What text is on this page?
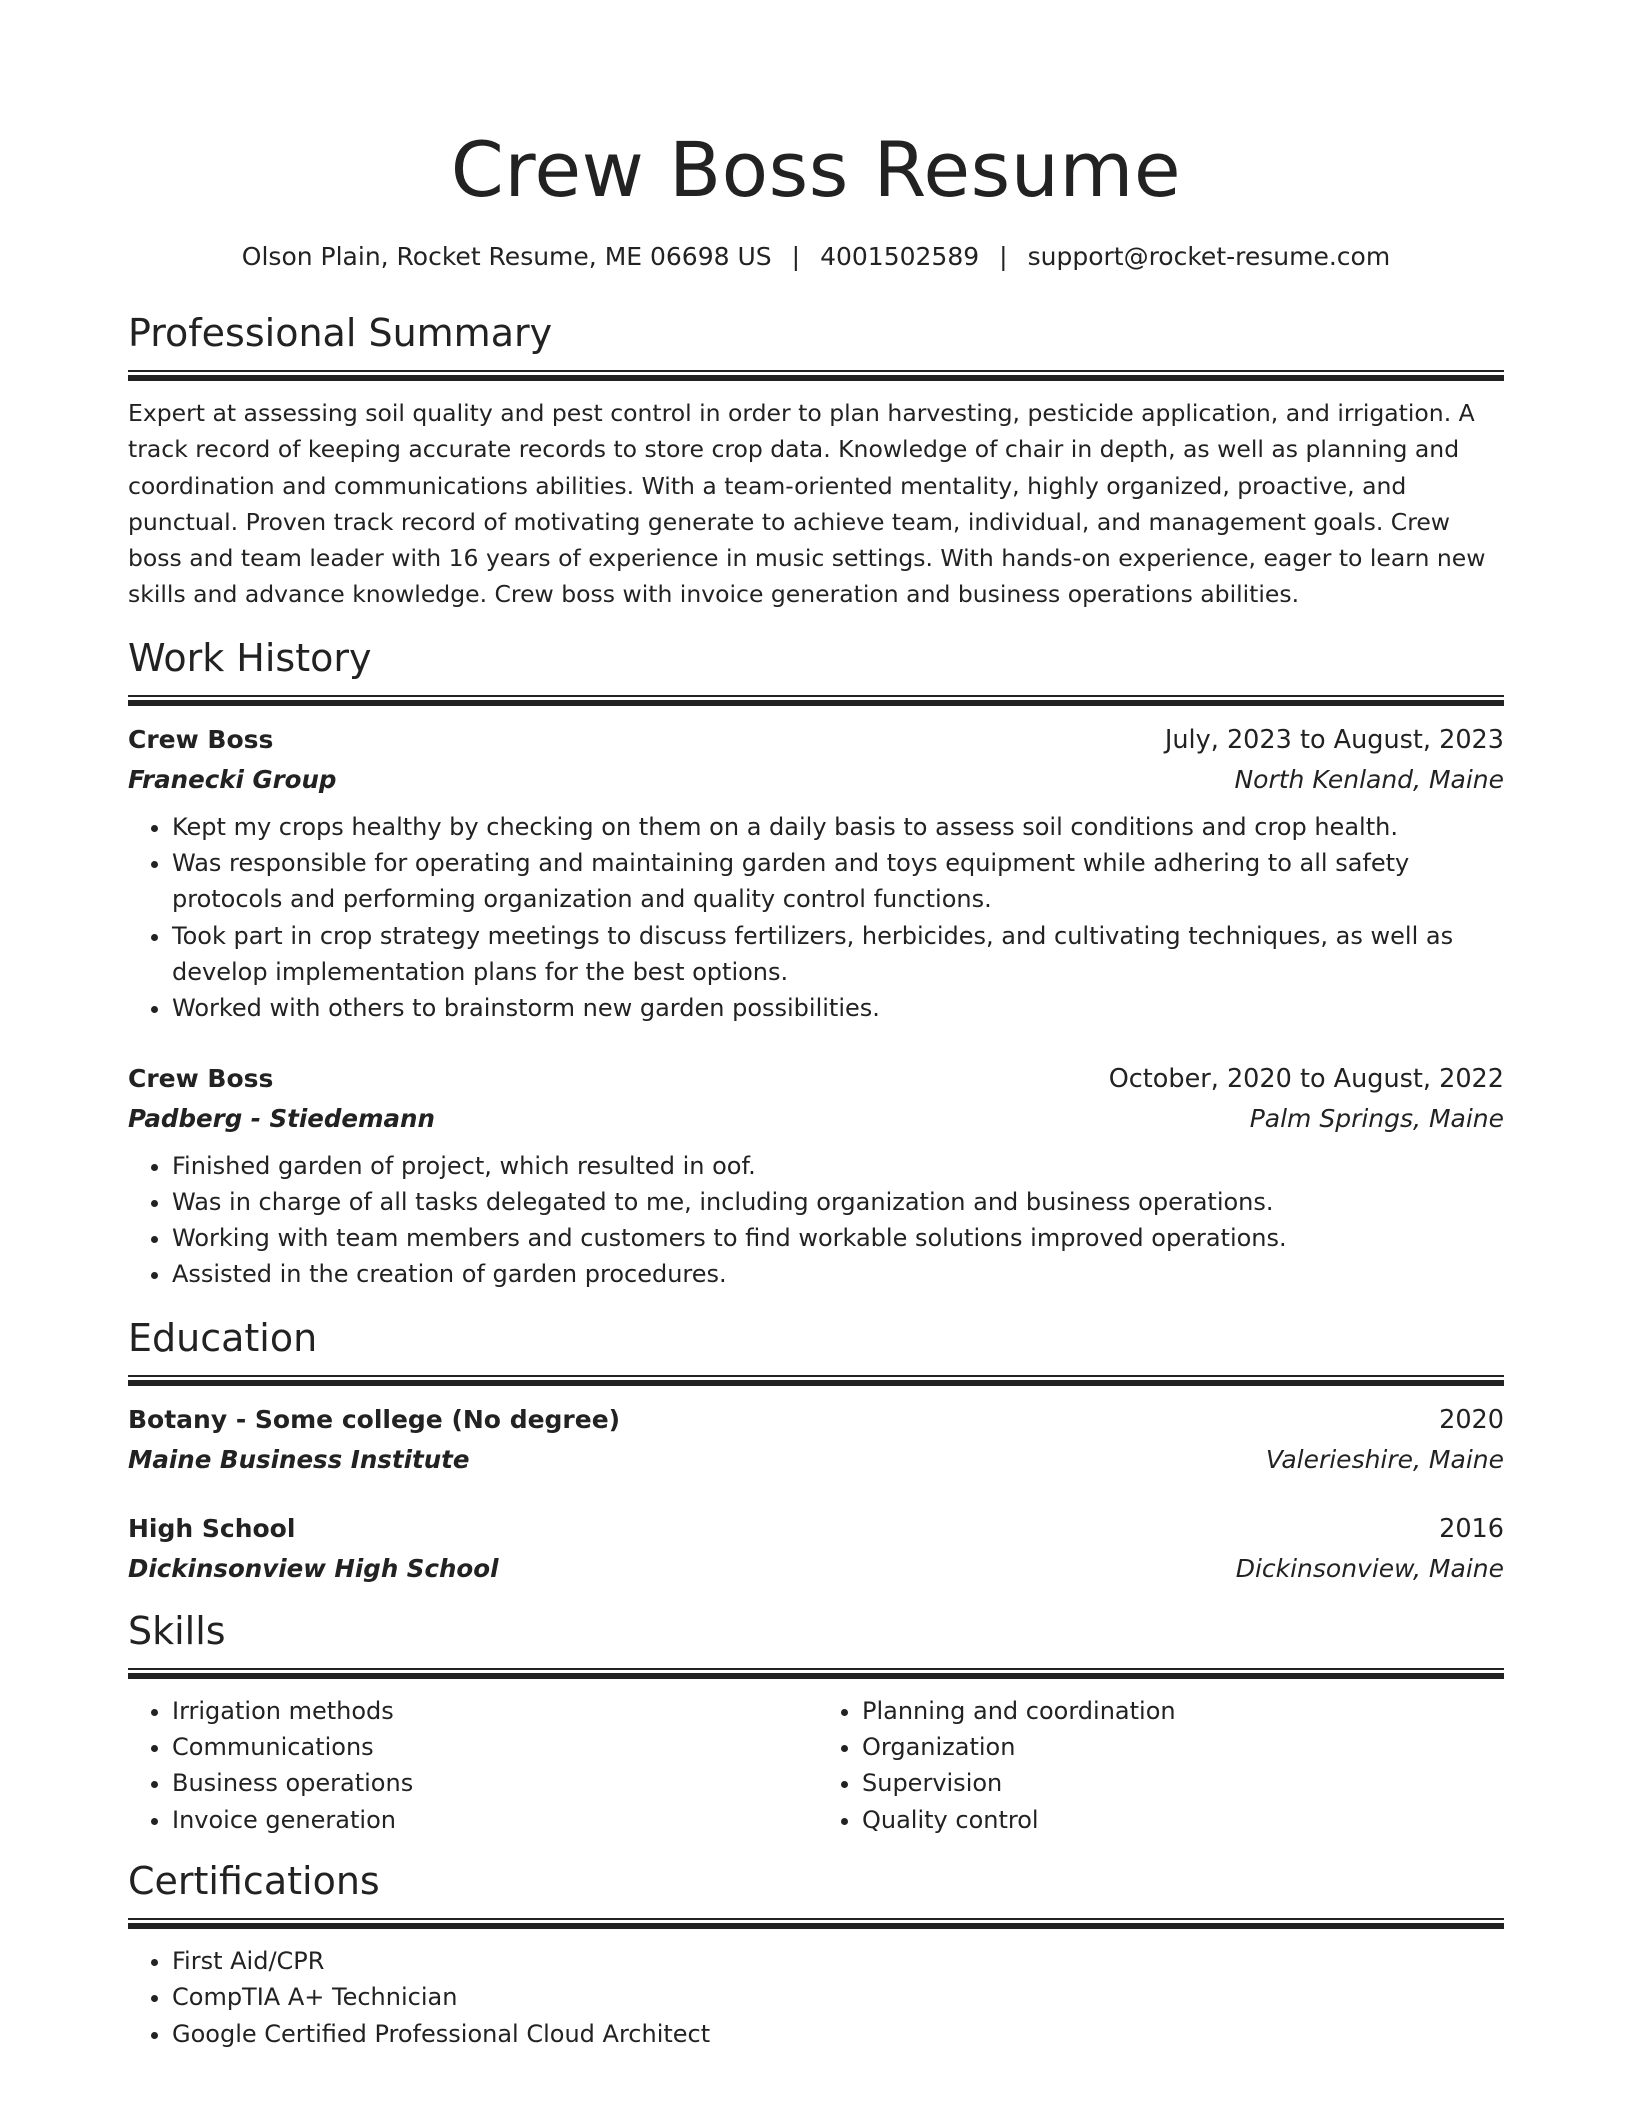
Crew Boss Resume
Olson Plain, Rocket Resume, ME 06698 US | 4001502589 | support@rocket-resume.com
Professional Summary
Expert at assessing soil quality and pest control in order to plan harvesting, pesticide application, and irrigation. A track record of keeping accurate records to store crop data. Knowledge of chair in depth, as well as planning and coordination and communications abilities. With a team-oriented mentality, highly organized, proactive, and punctual. Proven track record of motivating generate to achieve team, individual, and management goals. Crew boss and team leader with 16 years of experience in music settings. With hands-on experience, eager to learn new skills and advance knowledge. Crew boss with invoice generation and business operations abilities.
Work History
Crew Boss	July, 2023 to August, 2023
Franecki Group	North Kenland, Maine
• Kept my crops healthy by checking on them on a daily basis to assess soil conditions and crop health.
• Was responsible for operating and maintaining garden and toys equipment while adhering to all safety protocols and performing organization and quality control functions.
• Took part in crop strategy meetings to discuss fertilizers, herbicides, and cultivating techniques, as well as develop implementation plans for the best options.
• Worked with others to brainstorm new garden possibilities.
Crew Boss	October, 2020 to August, 2022
Padberg - Stiedemann	Palm Springs, Maine
• Finished garden of project, which resulted in oof.
• Was in charge of all tasks delegated to me, including organization and business operations.
• Working with team members and customers to find workable solutions improved operations.
• Assisted in the creation of garden procedures.
Education
Botany - Some college (No degree)	2020
Maine Business Institute	Valerieshire, Maine
High School	2016
Dickinsonview High School	Dickinsonview, Maine
Skills
• Irrigation methods
• Communications
• Business operations
• Invoice generation
• Planning and coordination
• Organization
• Supervision
• Quality control
Certifications
• First Aid/CPR
• CompTIA A+ Technician
• Google Certified Professional Cloud Architect
